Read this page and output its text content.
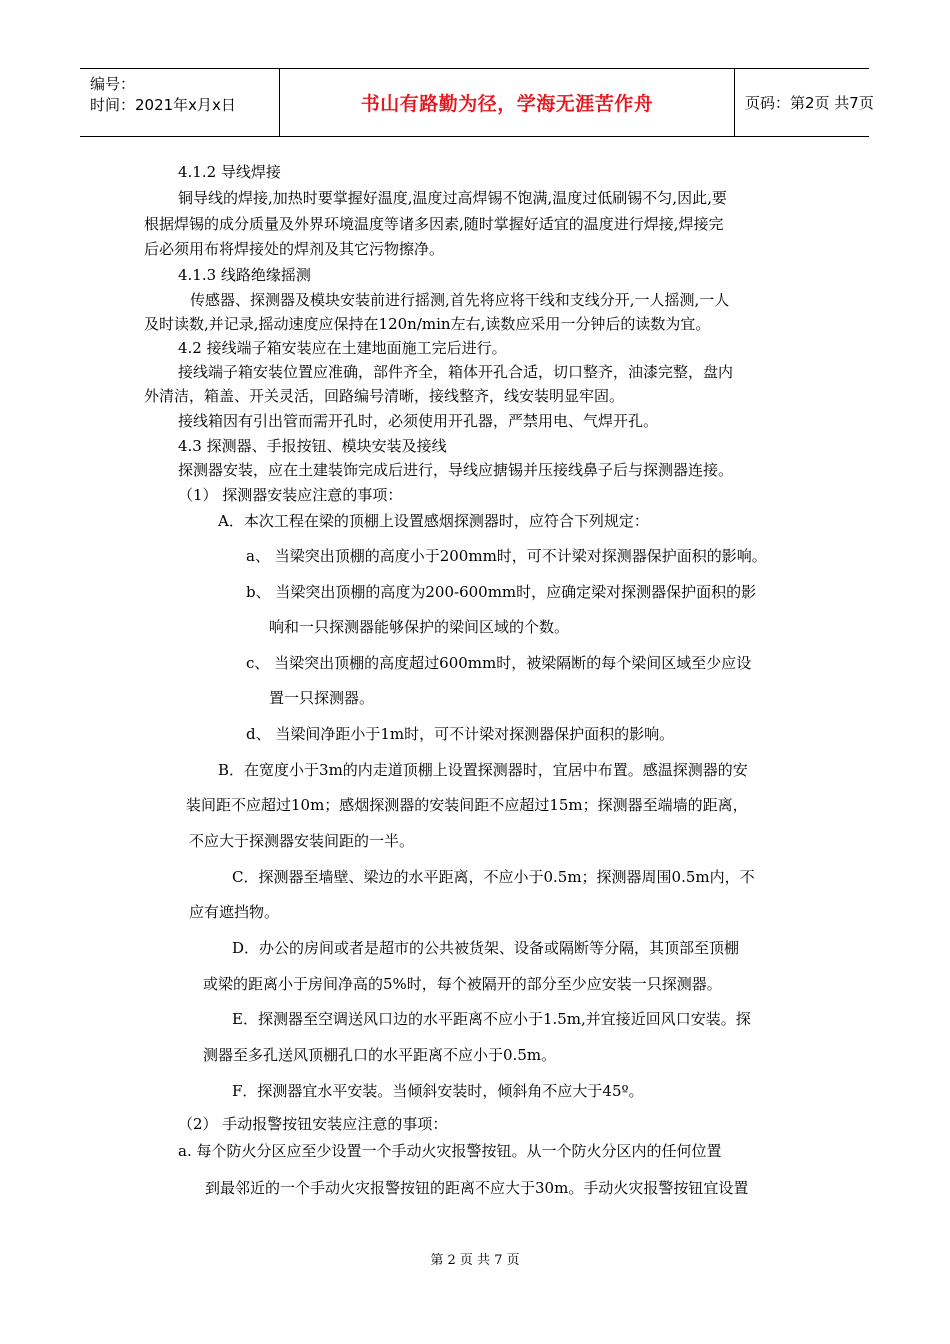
编号：
时间：2021年x月x日	书山有路勤为径，学海无涯苦作舟	页码：第2页 共7页
4.1.2 导线焊接
铜导线的焊接,加热时要掌握好温度,温度过高焊锡不饱满,温度过低刷锡不匀,因此,要
根据焊锡的成分质量及外界环境温度等诸多因素,随时掌握好适宜的温度进行焊接,焊接完
后必须用布将焊接处的焊剂及其它污物擦净。
4.1.3 线路绝缘摇测
传感器、探测器及模块安装前进行摇测,首先将应将干线和支线分开,一人摇测,一人
及时读数,并记录,摇动速度应保持在120n/min左右,读数应采用一分钟后的读数为宜。
4.2 接线端子箱安装应在土建地面施工完后进行。
接线端子箱安装位置应准确，部件齐全，箱体开孔合适，切口整齐，油漆完整，盘内
外清洁，箱盖、开关灵活，回路编号清晰，接线整齐，线安装明显牢固。
接线箱因有引出管而需开孔时，必须使用开孔器，严禁用电、气焊开孔。
4.3 探测器、手报按钮、模块安装及接线
探测器安装，应在土建装饰完成后进行，导线应搪锡并压接线鼻子后与探测器连接。
（1） 探测器安装应注意的事项：
A．本次工程在梁的顶棚上设置感烟探测器时，应符合下列规定：
a、 当梁突出顶棚的高度小于200mm时，可不计梁对探测器保护面积的影响。
b、 当梁突出顶棚的高度为200-600mm时，应确定梁对探测器保护面积的影
响和一只探测器能够保护的梁间区域的个数。
c、 当梁突出顶棚的高度超过600mm时，被梁隔断的每个梁间区域至少应设
置一只探测器。
d、 当梁间净距小于1m时，可不计梁对探测器保护面积的影响。
B．在宽度小于3m的内走道顶棚上设置探测器时，宜居中布置。感温探测器的安
装间距不应超过10m；感烟探测器的安装间距不应超过15m；探测器至端墙的距离，
不应大于探测器安装间距的一半。
C．探测器至墙壁、梁边的水平距离，不应小于0.5m；探测器周围0.5m内，不
应有遮挡物。
D．办公的房间或者是超市的公共被货架、设备或隔断等分隔，其顶部至顶棚
或梁的距离小于房间净高的5%时，每个被隔开的部分至少应安装一只探测器。
E．探测器至空调送风口边的水平距离不应小于1.5m,并宜接近回风口安装。探
测器至多孔送风顶棚孔口的水平距离不应小于0.5m。
F．探测器宜水平安装。当倾斜安装时，倾斜角不应大于45º。
（2） 手动报警按钮安装应注意的事项：
a. 每个防火分区应至少设置一个手动火灾报警按钮。从一个防火分区内的任何位置
到最邻近的一个手动火灾报警按钮的距离不应大于30m。手动火灾报警按钮宜设置
第 2 页 共 7 页
